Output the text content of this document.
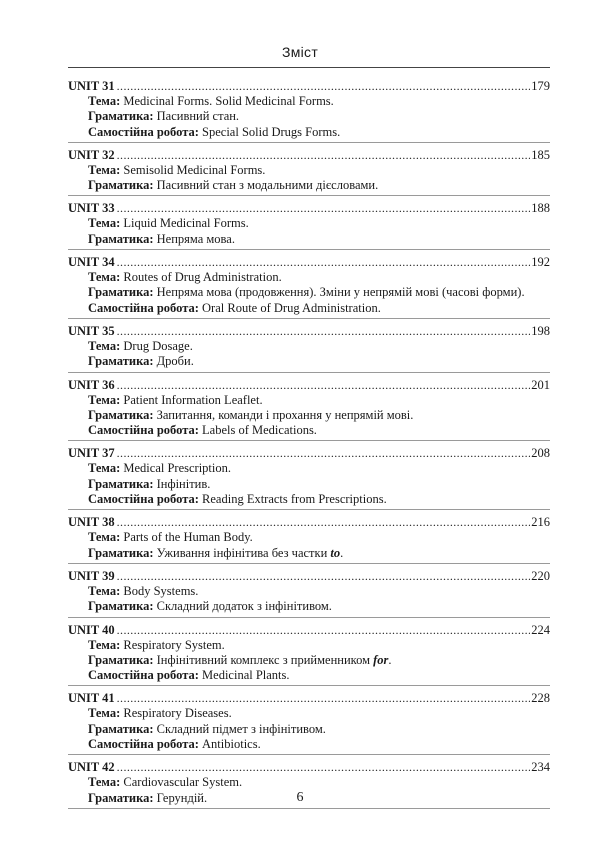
Зміст
UNIT 31 .....	179
Тема: Medicinal Forms. Solid Medicinal Forms.
Граматика: Пасивний стан.
Самостійна робота: Special Solid Drugs Forms.
UNIT 32 .....	185
Тема: Semisolid Medicinal Forms.
Граматика: Пасивний стан з модальними дієсловами.
UNIT 33 .....	188
Тема: Liquid Medicinal Forms.
Граматика: Непряма мова.
UNIT 34 .....	192
Тема: Routes of Drug Administration.
Граматика: Непряма мова (продовження). Зміни у непрямій мові (часові форми).
Самостійна робота: Oral Route of Drug Administration.
UNIT 35 .....	198
Тема: Drug Dosage.
Граматика: Дроби.
UNIT 36 .....	201
Тема: Patient Information Leaflet.
Граматика: Запитання, команди і прохання у непрямій мові.
Самостійна робота: Labels of Medications.
UNIT 37 .....	208
Тема: Medical Prescription.
Граматика: Інфінітив.
Самостійна робота: Reading Extracts from Prescriptions.
UNIT 38 .....	216
Тема: Parts of the Human Body.
Граматика: Уживання інфінітива без частки to.
UNIT 39 .....	220
Тема: Body Systems.
Граматика: Складний додаток з інфінітивом.
UNIT 40 .....	224
Тема: Respiratory System.
Граматика: Інфінітивний комплекс з прийменником for.
Самостійна робота: Medicinal Plants.
UNIT 41 .....	228
Тема: Respiratory Diseases.
Граматика: Складний підмет з інфінітивом.
Самостійна робота: Antibiotics.
UNIT 42 .....	234
Тема: Cardiovascular System.
Граматика: Герундій.	6
